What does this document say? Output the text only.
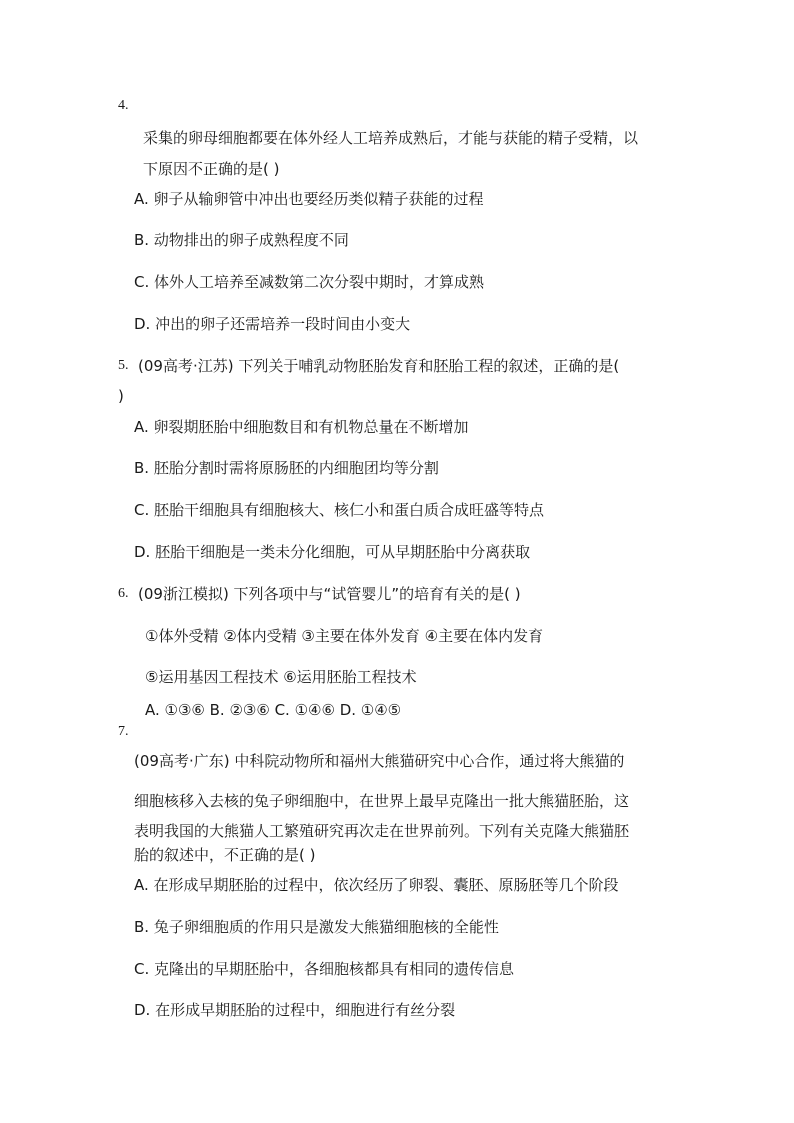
4.
采集的卵母细胞都要在体外经人工培养成熟后，才能与获能的精子受精，以
下原因不正确的是( )
A. 卵子从输卵管中冲出也要经历类似精子获能的过程
B. 动物排出的卵子成熟程度不同
C. 体外人工培养至减数第二次分裂中期时，才算成熟
D. 冲出的卵子还需培养一段时间由小变大
5. (09高考·江苏) 下列关于哺乳动物胚胎发育和胚胎工程的叙述，正确的是(
)
A. 卵裂期胚胎中细胞数目和有机物总量在不断增加
B. 胚胎分割时需将原肠胚的内细胞团均等分割
C. 胚胎干细胞具有细胞核大、核仁小和蛋白质合成旺盛等特点
D. 胚胎干细胞是一类未分化细胞，可从早期胚胎中分离获取
6. (09浙江模拟) 下列各项中与“试管婴儿”的培育有关的是( )
①体外受精 ②体内受精 ③主要在体外发育 ④主要在体内发育
⑤运用基因工程技术 ⑥运用胚胎工程技术
A. ①③⑥ B. ②③⑥ C. ①④⑥ D. ①④⑤
7.
(09高考·广东) 中科院动物所和福州大熊猫研究中心合作，通过将大熊猫的
细胞核移入去核的兔子卵细胞中，在世界上最早克隆出一批大熊猫胚胎，这
表明我国的大熊猫人工繁殖研究再次走在世界前列。下列有关克隆大熊猫胚
胎的叙述中，不正确的是( )
A. 在形成早期胚胎的过程中，依次经历了卵裂、囊胚、原肠胚等几个阶段
B. 兔子卵细胞质的作用只是激发大熊猫细胞核的全能性
C. 克隆出的早期胚胎中，各细胞核都具有相同的遗传信息
D. 在形成早期胚胎的过程中，细胞进行有丝分裂
